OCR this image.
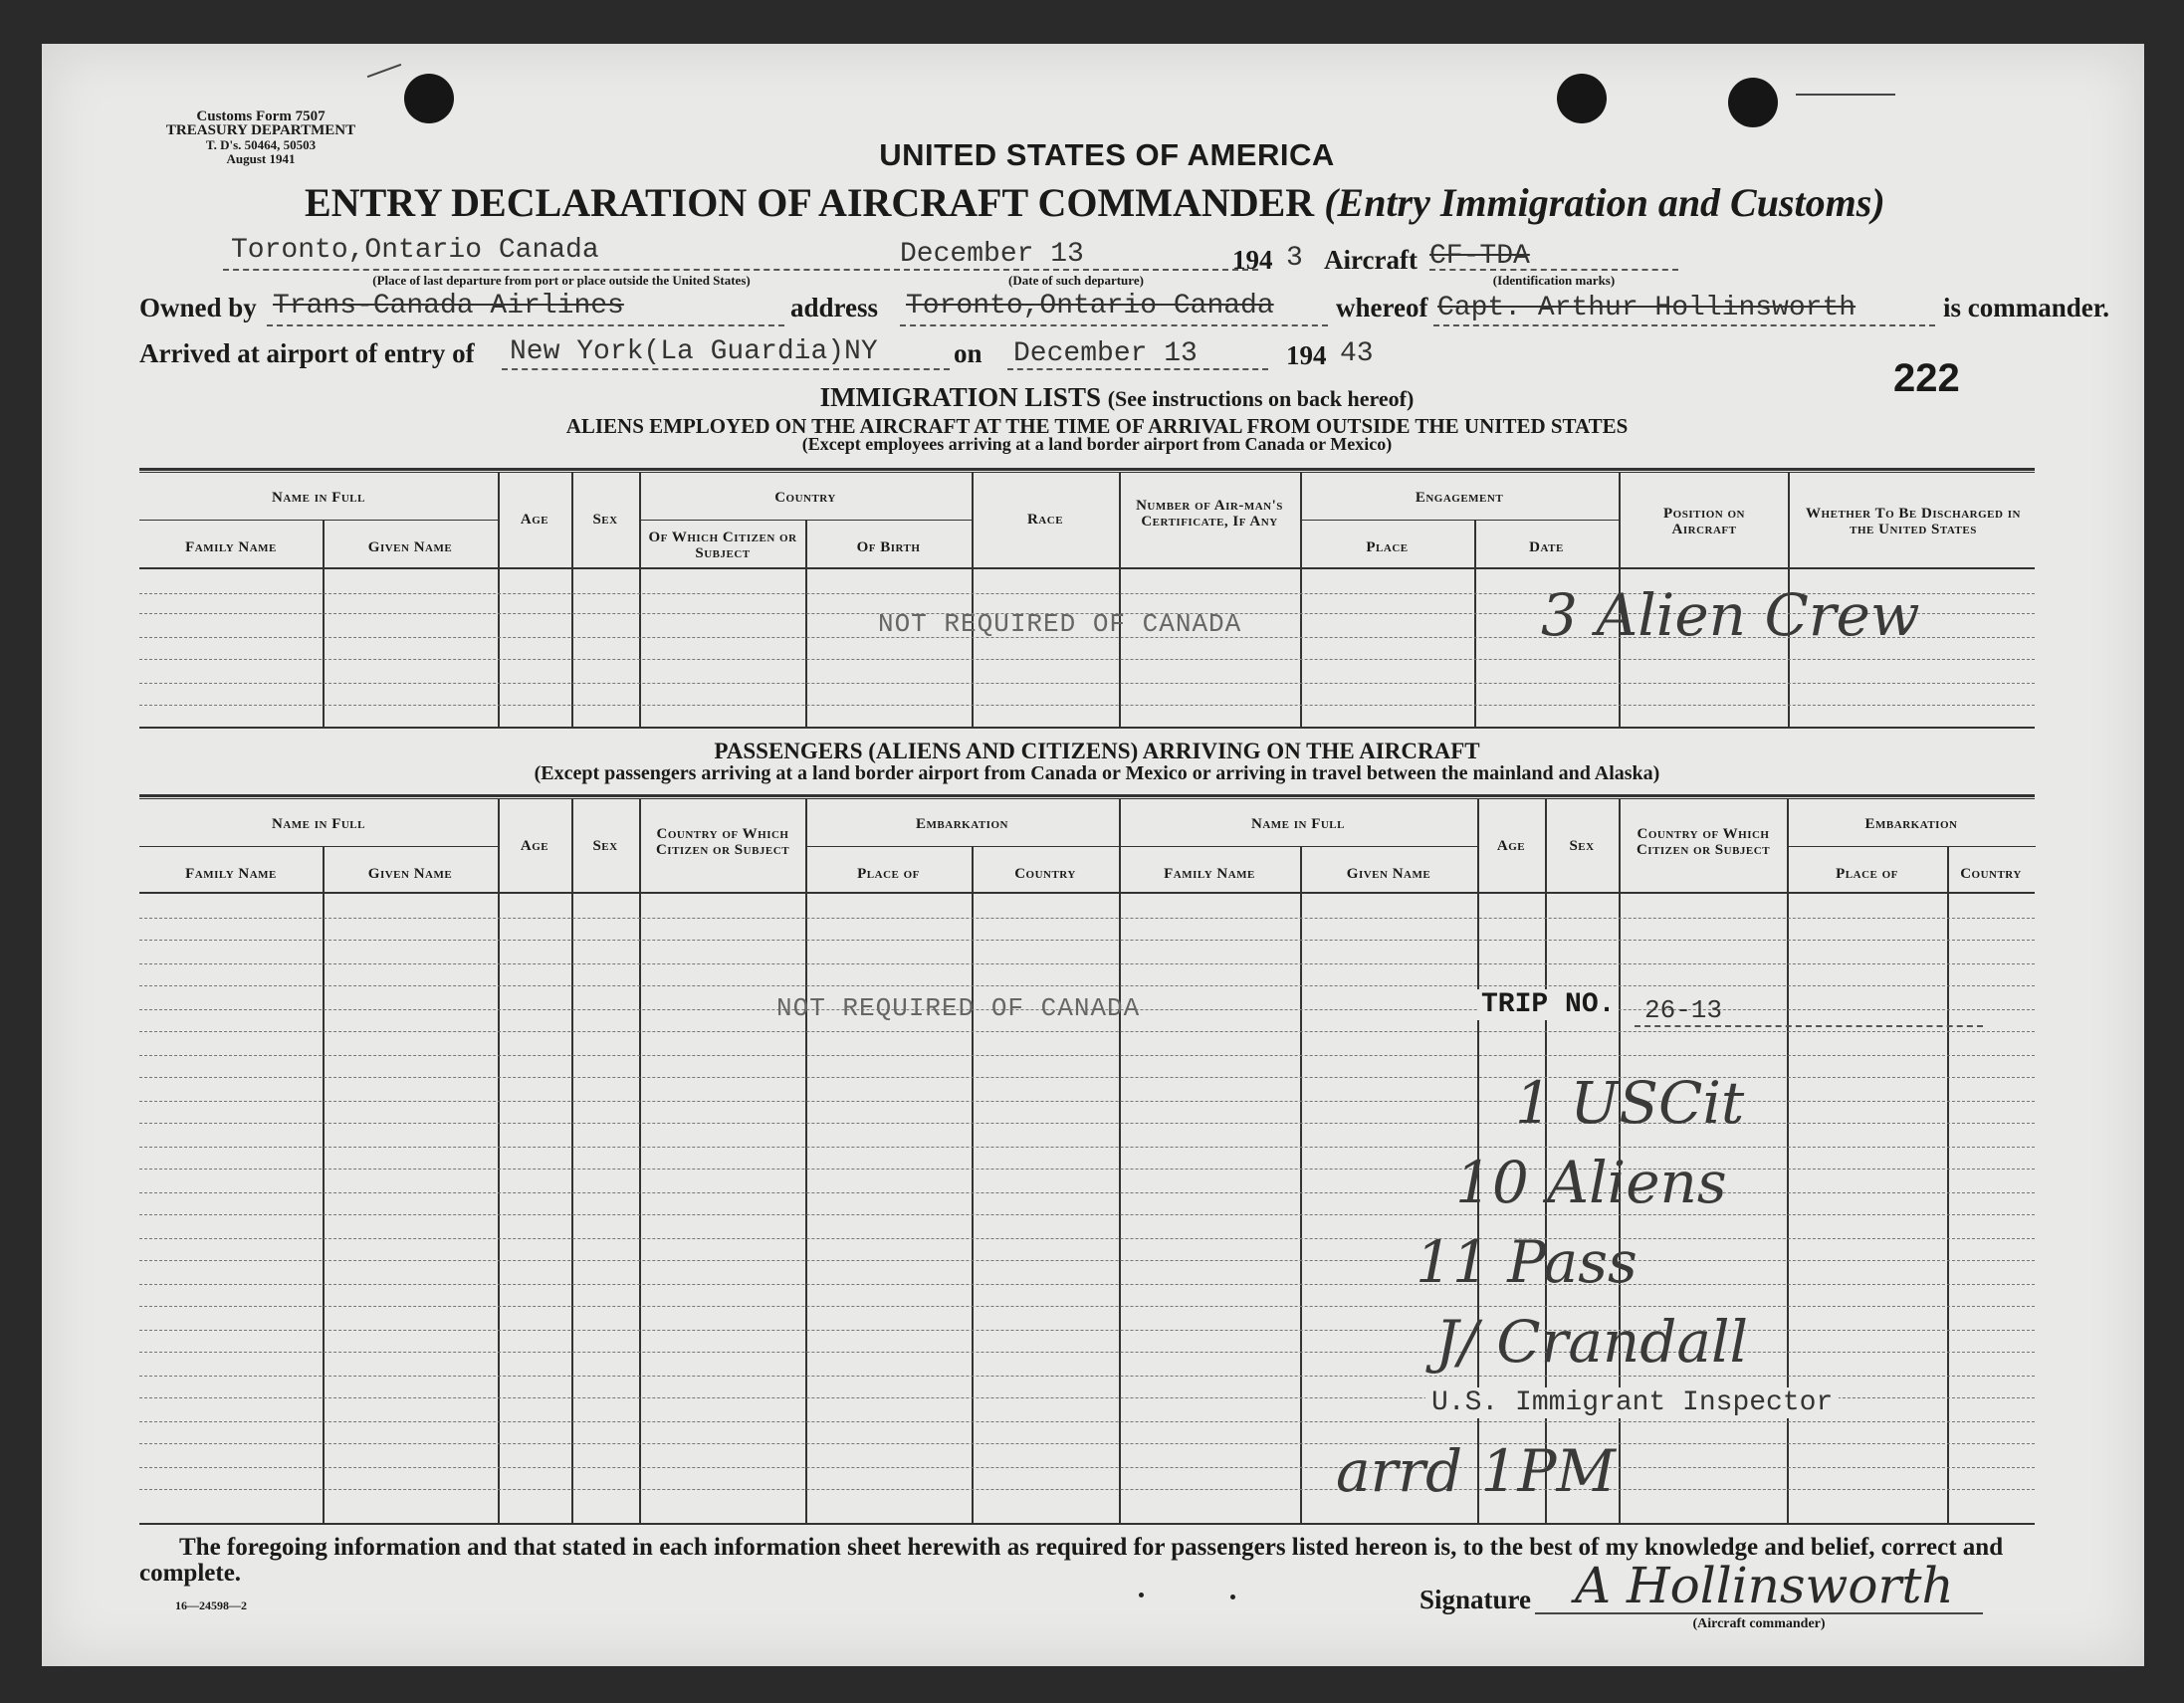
Customs Form 7507
TREASURY DEPARTMENT
T. D's. 50464, 50503
August 1941	UNITED STATES OF AMERICA
ENTRY DECLARATION OF AIRCRAFT COMMANDER (Entry Immigration and Customs)
Toronto,Ontario Canada
(Place of last departure from port or place outside the United States)
December 13
(Date of such departure)
194 3 Aircraft CF-TDA
(Identification marks)
Owned by Trans-Canada Airlines	address Toronto,Ontario Canada whereof Capt. Arthur Hollinsworth	is commander.
Arrived at airport of entry of New York(La Guardia)NY	on December 13	194 43
222
IMMIGRATION LISTS (See instructions on back hereof)
ALIENS EMPLOYED ON THE AIRCRAFT AT THE TIME OF ARRIVAL FROM OUTSIDE THE UNITED STATES
(Except employees arriving at a land border airport from Canada or Mexico)
Name in Full
Family Name	Given Name
Age	Sex
Country
Of Which Citizen or Subject	Of Birth
Race
Number of Air-man's Certificate, If Any
Engagement
Place	Date
Position on Aircraft
Whether To Be Discharged in the United States
NOT REQUIRED OF CANADA	3 Alien Crew
PASSENGERS (ALIENS AND CITIZENS) ARRIVING ON THE AIRCRAFT
(Except passengers arriving at a land border airport from Canada or Mexico or arriving in travel between the mainland and Alaska)
Name in Full
Family Name	Given Name
Age	Sex
Country of Which Citizen or Subject
Embarkation
Place of	Country
Name in Full
Family Name	Given Name
Age	Sex
Country of Which Citizen or Subject
Embarkation
Place of	Country
NOT REQUIRED OF CANADA	TRIP NO. 26-13
1 USCit
10 Aliens
11 Pass
J/ Crandall
U.S. Immigrant Inspector
arrd 1PM
The foregoing information and that stated in each information sheet herewith as required for passengers listed hereon is, to the best of my knowledge and belief, correct and complete.
16—24598—2	Signature A Hollinsworth
(Aircraft commander)
